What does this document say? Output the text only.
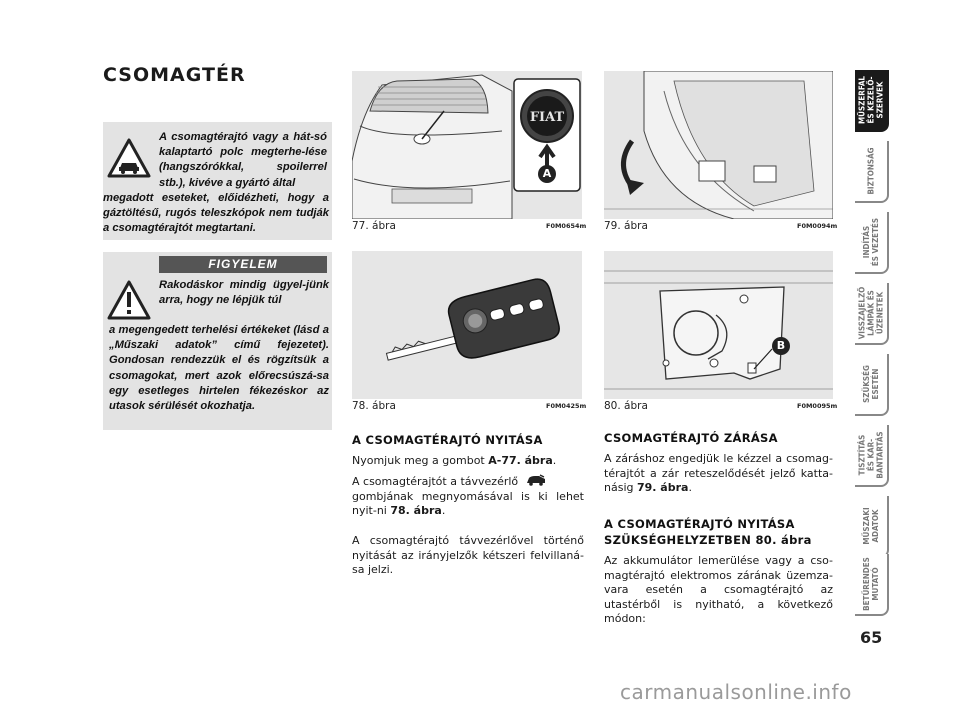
CSOMAGTÉR
A csomagtérajtó vagy a hát-só kalaptartó polc megterhe-lése (hangszórókkal, spoilerrel stb.), kivéve a gyártó által
megadott eseteket, előidézheti, hogy a gáztöltésű, rugós teleszkópok nem tudják a csomagtérajtót megtartani.
FIGYELEM
Rakodáskor mindig ügyel-jünk arra, hogy ne lépjük túl
a megengedett terhelési értékeket (lásd a „Műszaki adatok” című fejezetet). Gondosan rendezzük el és rögzítsük a csomagokat, mert azok előrecsúszá-sa egy esetleges hirtelen fékezéskor az utasok sérülését okozhatja.
FIAT
A
77. ábra	F0M0654m 79. ábra	F0M0094m
78. ábra	F0M0425m
B
80. ábra	F0M0095m
A CSOMAGTÉRAJTÓ NYITÁSA
Nyomjuk meg a gombot A-77. ábra.
A csomagtérajtót a távvezérlő
gombjának megnyomásával is ki lehet nyit-ni 78. ábra.
A csomagtérajtó távvezérlővel történő nyitását az irányjelzők kétszeri felvillaná-sa jelzi.
CSOMAGTÉRAJTÓ ZÁRÁSA
A záráshoz engedjük le kézzel a csomag-térajtót a zár reteszelődését jelző katta-násig 79. ábra.
A CSOMAGTÉRAJTÓ NYITÁSA
SZÜKSÉGHELYZETBEN 80. ábra
Az akkumulátor lemerülése vagy a cso-magtérajtó elektromos zárának üzemza-vara esetén a csomagtérajtó az utastérből is nyitható, a következő módon:
MŰSZERFAL
ÉS KEZELŐ-
SZERVEK
BIZTONSÁG
INDÍTÁS
ÉS VEZETÉS
VISSZAJELZŐ
LÁMPÁK ÉS
ÜZENETEK
SZÜKSÉG
ESETÉN
TISZTÍTÁS
ÉS KAR-
BANTARTÁS
MŰSZAKI
ADATOK
BETŰRENDES
MUTATÓ
65
carmanualsonline.info
